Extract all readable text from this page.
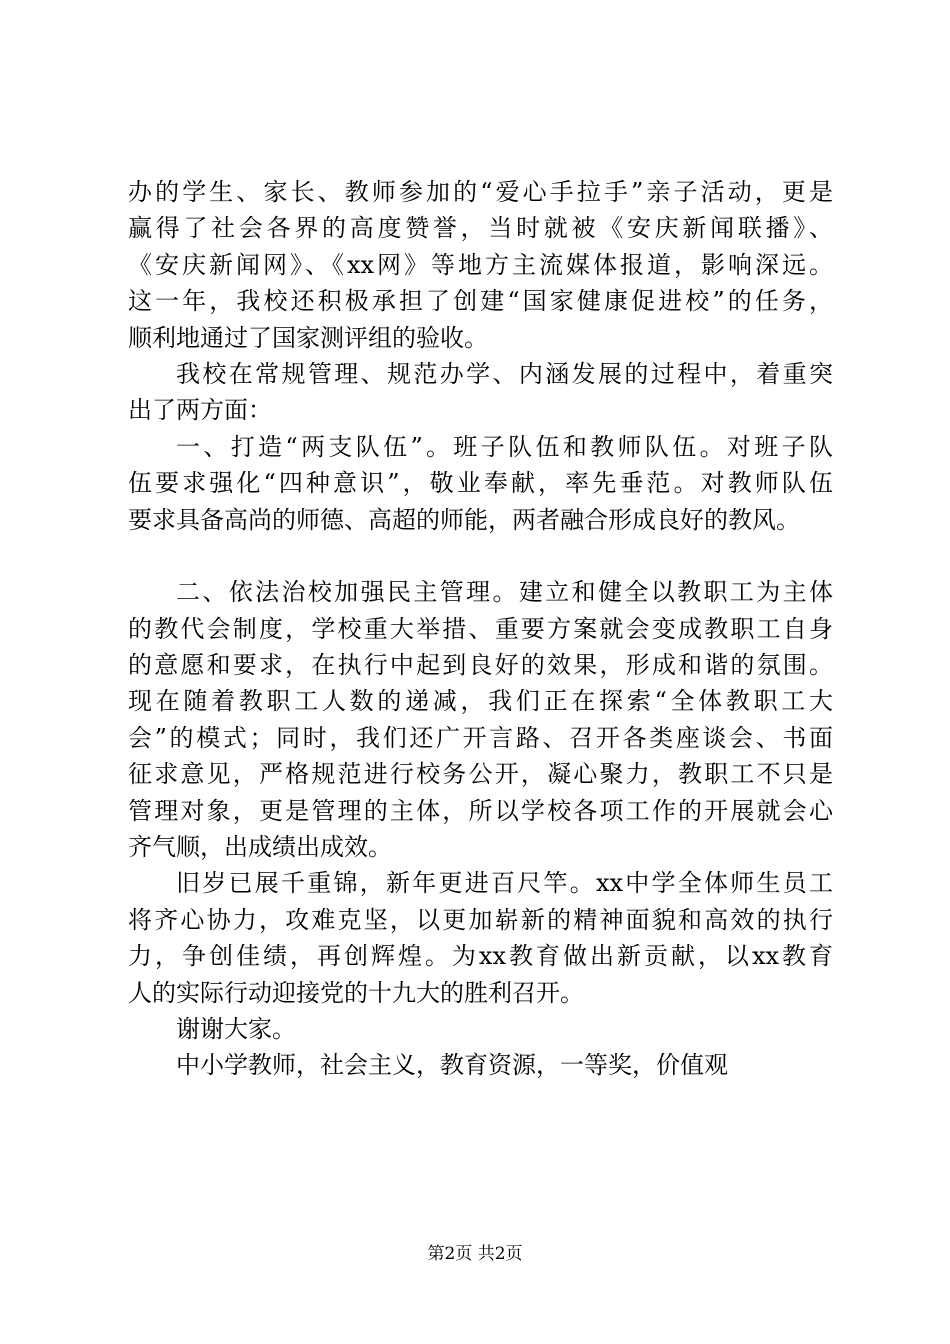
办的学生、家长、教师参加的“爱心手拉手”亲子活动，更是
赢得了社会各界的高度赞誉，当时就被《安庆新闻联播》、
《安庆新闻网》、《xx网》等地方主流媒体报道，影响深远。
这一年，我校还积极承担了创建“国家健康促进校”的任务，
顺利地通过了国家测评组的验收。
我校在常规管理、规范办学、内涵发展的过程中，着重突
出了两方面：
一、打造“两支队伍”。班子队伍和教师队伍。对班子队
伍要求强化“四种意识”，敬业奉献，率先垂范。对教师队伍
要求具备高尚的师德、高超的师能，两者融合形成良好的教风。
二、依法治校加强民主管理。建立和健全以教职工为主体
的教代会制度，学校重大举措、重要方案就会变成教职工自身
的意愿和要求，在执行中起到良好的效果，形成和谐的氛围。
现在随着教职工人数的递减，我们正在探索“全体教职工大
会”的模式；同时，我们还广开言路、召开各类座谈会、书面
征求意见，严格规范进行校务公开，凝心聚力，教职工不只是
管理对象，更是管理的主体，所以学校各项工作的开展就会心
齐气顺，出成绩出成效。
旧岁已展千重锦，新年更进百尺竿。xx中学全体师生员工
将齐心协力，攻难克坚，以更加崭新的精神面貌和高效的执行
力，争创佳绩，再创辉煌。为xx教育做出新贡献，以xx教育
人的实际行动迎接党的十九大的胜利召开。
谢谢大家。
中小学教师，社会主义，教育资源，一等奖，价值观
第2页 共2页
